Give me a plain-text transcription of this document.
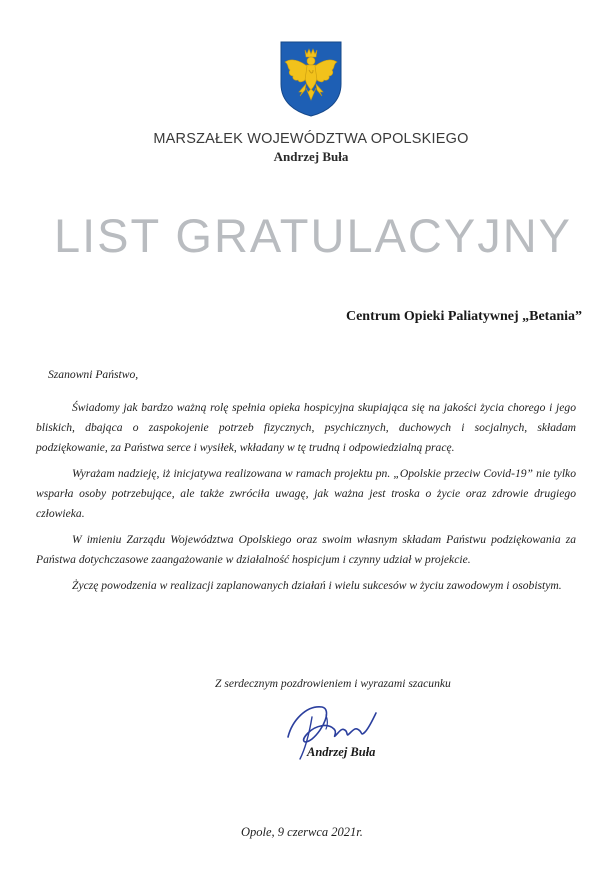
MARSZAŁEK WOJEWÓDZTWA OPOLSKIEGO
Andrzej Buła
LIST GRATULACYJNY
Centrum Opieki Paliatywnej „Betania”

Szanowni Państwo,

Świadomy jak bardzo ważną rolę spełnia opieka hospicyjna skupiająca się na jakości życia chorego i jego bliskich, dbająca o zaspokojenie potrzeb fizycznych, psychicznych, duchowych i socjalnych, składam podziękowanie, za Państwa serce i wysiłek, wkładany w tę trudną i odpowiedzialną pracę.

Wyrażam nadzieję, iż inicjatywa realizowana w ramach projektu pn. „Opolskie przeciw Covid-19” nie tylko wsparła osoby potrzebujące, ale także zwróciła uwagę, jak ważna jest troska o życie oraz zdrowie drugiego człowieka.

W imieniu Zarządu Województwa Opolskiego oraz swoim własnym składam Państwu podziękowania za Państwa dotychczasowe zaangażowanie w działalność hospicjum i czynny udział w projekcie.

Życzę powodzenia w realizacji zaplanowanych działań i wielu sukcesów w życiu zawodowym i osobistym.

Z serdecznym pozdrowieniem i wyrazami szacunku
Andrzej Buła
Opole, 9 czerwca 2021r.
